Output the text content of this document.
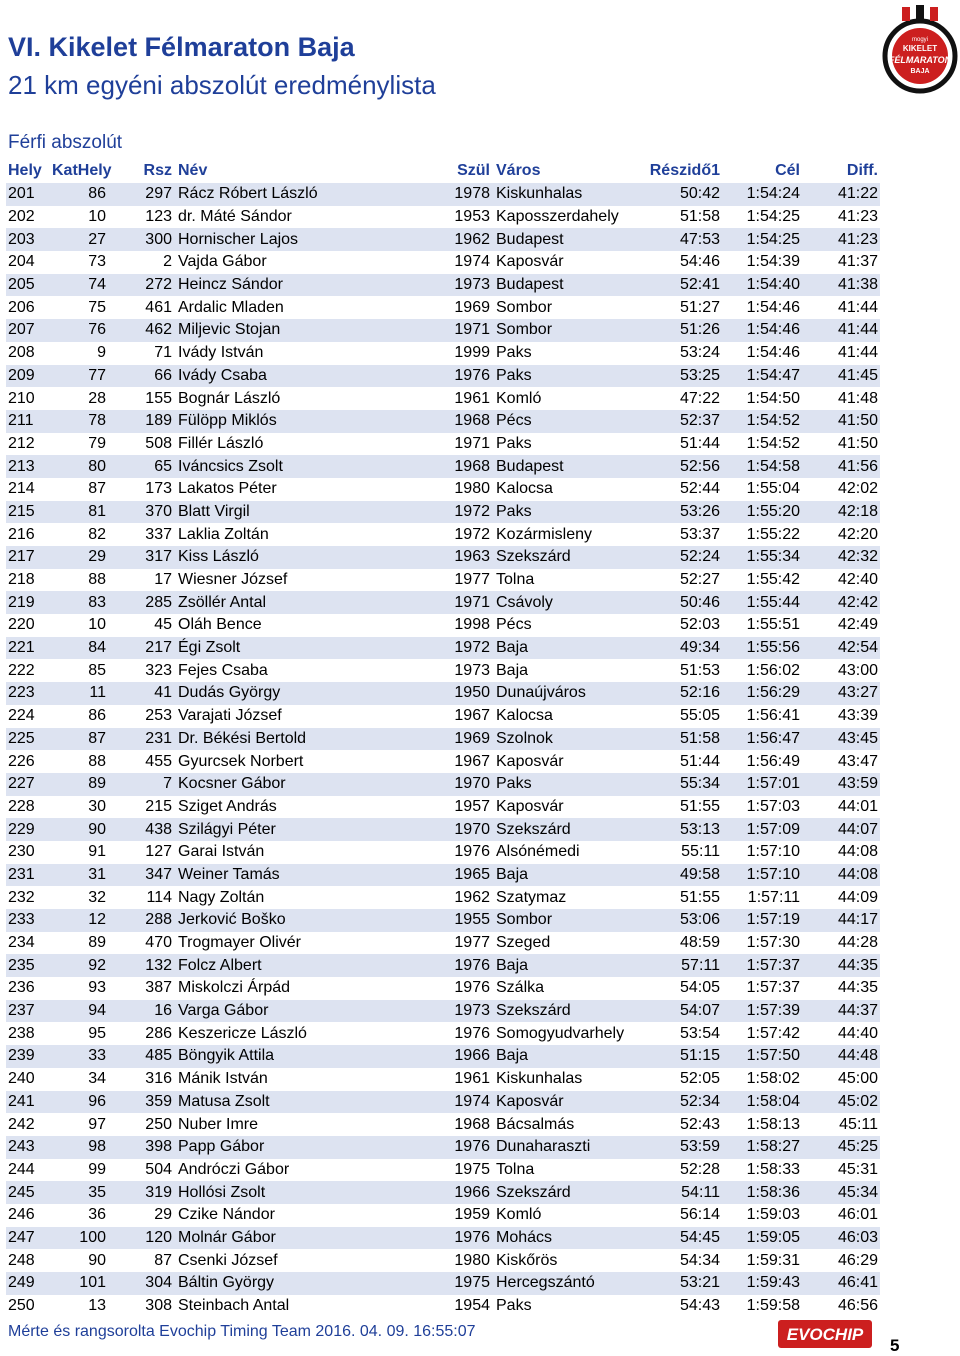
VI. Kikelet Félmaraton Baja
21 km egyéni abszolút eredménylista
Férfi abszolút
mogyi
KIKELET
FÉLMARATON
BAJA
Hely	KatHely	Rsz	Név	Szül	Város	Részidő1	Cél	Diff.
201	86	297	Rácz Róbert László	1978	Kiskunhalas	50:42	1:54:24	41:22
202	10	123	dr. Máté Sándor	1953	Kaposszerdahely	51:58	1:54:25	41:23
203	27	300	Hornischer Lajos	1962	Budapest	47:53	1:54:25	41:23
204	73	2	Vajda Gábor	1974	Kaposvár	54:46	1:54:39	41:37
205	74	272	Heincz Sándor	1973	Budapest	52:41	1:54:40	41:38
206	75	461	Ardalic Mladen	1969	Sombor	51:27	1:54:46	41:44
207	76	462	Miljevic Stojan	1971	Sombor	51:26	1:54:46	41:44
208	9	71	Ivády István	1999	Paks	53:24	1:54:46	41:44
209	77	66	Ivády Csaba	1976	Paks	53:25	1:54:47	41:45
210	28	155	Bognár László	1961	Komló	47:22	1:54:50	41:48
211	78	189	Fülöpp Miklós	1968	Pécs	52:37	1:54:52	41:50
212	79	508	Fillér László	1971	Paks	51:44	1:54:52	41:50
213	80	65	Iváncsics Zsolt	1968	Budapest	52:56	1:54:58	41:56
214	87	173	Lakatos Péter	1980	Kalocsa	52:44	1:55:04	42:02
215	81	370	Blatt Virgil	1972	Paks	53:26	1:55:20	42:18
216	82	337	Laklia Zoltán	1972	Kozármisleny	53:37	1:55:22	42:20
217	29	317	Kiss László	1963	Szekszárd	52:24	1:55:34	42:32
218	88	17	Wiesner József	1977	Tolna	52:27	1:55:42	42:40
219	83	285	Zsöllér Antal	1971	Csávoly	50:46	1:55:44	42:42
220	10	45	Oláh Bence	1998	Pécs	52:03	1:55:51	42:49
221	84	217	Égi Zsolt	1972	Baja	49:34	1:55:56	42:54
222	85	323	Fejes Csaba	1973	Baja	51:53	1:56:02	43:00
223	11	41	Dudás György	1950	Dunaújváros	52:16	1:56:29	43:27
224	86	253	Varajati József	1967	Kalocsa	55:05	1:56:41	43:39
225	87	231	Dr. Békési Bertold	1969	Szolnok	51:58	1:56:47	43:45
226	88	455	Gyurcsek Norbert	1967	Kaposvár	51:44	1:56:49	43:47
227	89	7	Kocsner Gábor	1970	Paks	55:34	1:57:01	43:59
228	30	215	Sziget András	1957	Kaposvár	51:55	1:57:03	44:01
229	90	438	Szilágyi Péter	1970	Szekszárd	53:13	1:57:09	44:07
230	91	127	Garai István	1976	Alsónémedi	55:11	1:57:10	44:08
231	31	347	Weiner Tamás	1965	Baja	49:58	1:57:10	44:08
232	32	114	Nagy Zoltán	1962	Szatymaz	51:55	1:57:11	44:09
233	12	288	Jerković Boško	1955	Sombor	53:06	1:57:19	44:17
234	89	470	Trogmayer Olivér	1977	Szeged	48:59	1:57:30	44:28
235	92	132	Folcz Albert	1976	Baja	57:11	1:57:37	44:35
236	93	387	Miskolczi Árpád	1976	Szálka	54:05	1:57:37	44:35
237	94	16	Varga Gábor	1973	Szekszárd	54:07	1:57:39	44:37
238	95	286	Keszericze László	1976	Somogyudvarhely	53:54	1:57:42	44:40
239	33	485	Böngyik Attila	1966	Baja	51:15	1:57:50	44:48
240	34	316	Mánik István	1961	Kiskunhalas	52:05	1:58:02	45:00
241	96	359	Matusa Zsolt	1974	Kaposvár	52:34	1:58:04	45:02
242	97	250	Nuber Imre	1968	Bácsalmás	52:43	1:58:13	45:11
243	98	398	Papp Gábor	1976	Dunaharaszti	53:59	1:58:27	45:25
244	99	504	Andróczi Gábor	1975	Tolna	52:28	1:58:33	45:31
245	35	319	Hollósi Zsolt	1966	Szekszárd	54:11	1:58:36	45:34
246	36	29	Czike Nándor	1959	Komló	56:14	1:59:03	46:01
247	100	120	Molnár Gábor	1976	Mohács	54:45	1:59:05	46:03
248	90	87	Csenki József	1980	Kiskőrös	54:34	1:59:31	46:29
249	101	304	Báltin György	1975	Hercegszántó	53:21	1:59:43	46:41
250	13	308	Steinbach Antal	1954	Paks	54:43	1:59:58	46:56
Mérte és rangsorolta Evochip Timing Team 2016. 04. 09. 16:55:07	EVOCHIP
5
